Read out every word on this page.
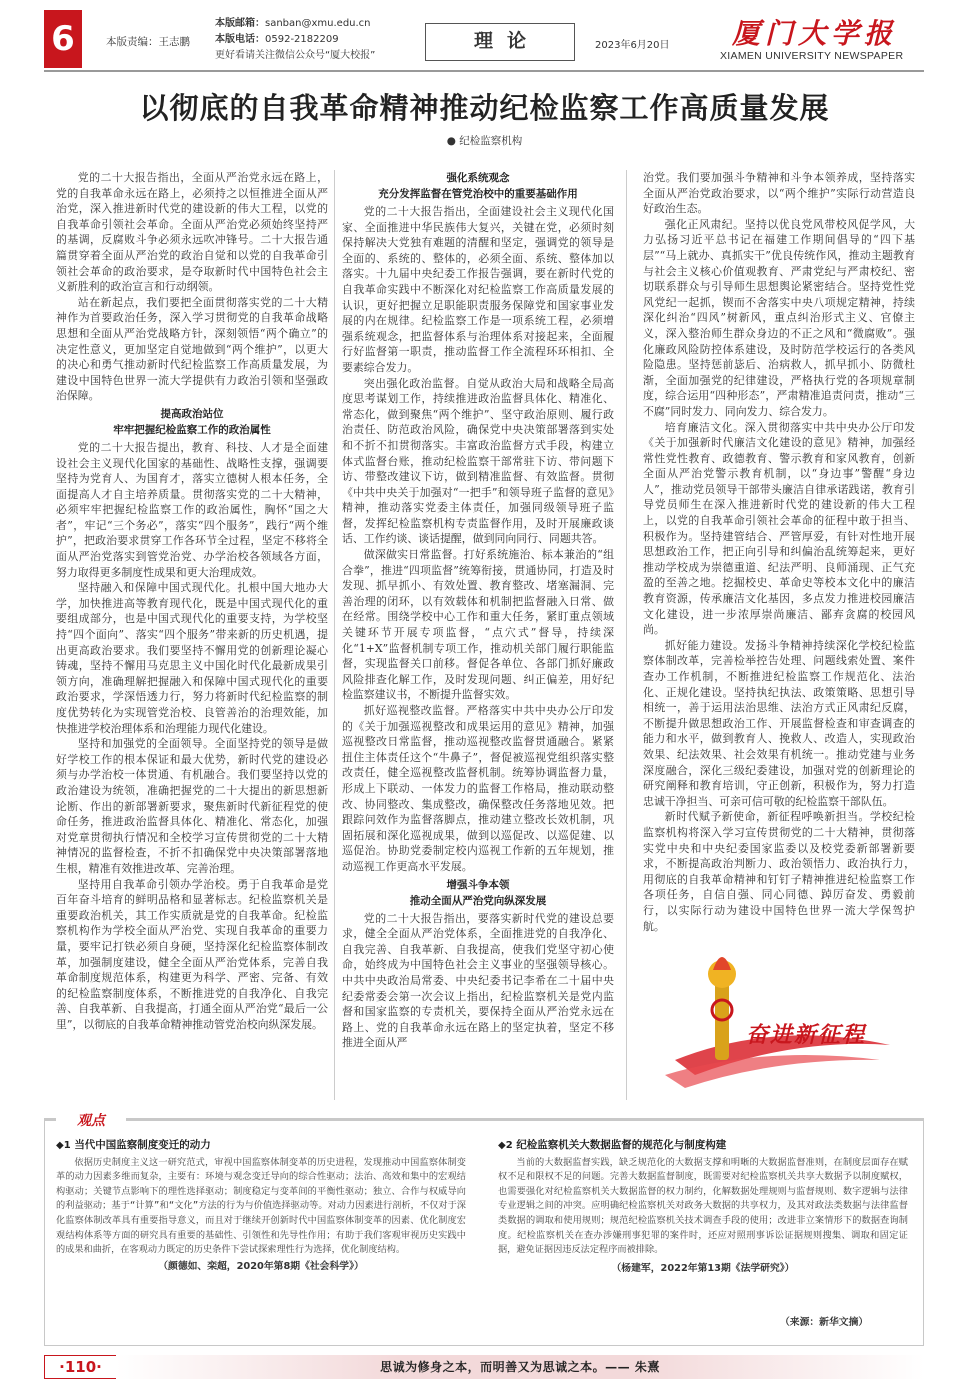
6	本版责编：王志鹏
本版邮箱：sanban@xmu.edu.cn
本版电话：0592-2182209
更好看请关注微信公众号“厦大校报”
理论	2023年6月20日 厦门大学报
XIAMEN UNIVERSITY NEWSPAPER
以彻底的自我革命精神推动纪检监察工作高质量发展
● 纪检监察机构

党的二十大报告指出，全面从严治党永远在路上，党的自我革命永远在路上，必须持之以恒推进全面从严治党，深入推进新时代党的建设新的伟大工程，以党的自我革命引领社会革命。全面从严治党必须始终坚持严的基调，反腐败斗争必须永远吹冲锋号。二十大报告通篇贯穿着全面从严治党的政治自觉和以党的自我革命引领社会革命的政治要求，是夺取新时代中国特色社会主义新胜利的政治宣言和行动纲领。

站在新起点，我们要把全面贯彻落实党的二十大精神作为首要政治任务，深入学习贯彻党的自我革命战略思想和全面从严治党战略方针，深刻领悟“两个确立”的决定性意义，更加坚定自觉地做到“两个维护”，以更大的决心和勇气推动新时代纪检监察工作高质量发展，为建设中国特色世界一流大学提供有力政治引领和坚强政治保障。

提高政治站位
牢牢把握纪检监察工作的政治属性

党的二十大报告提出，教育、科技、人才是全面建设社会主义现代化国家的基础性、战略性支撑，强调要坚持为党育人、为国育才，落实立德树人根本任务，全面提高人才自主培养质量。贯彻落实党的二十大精神，必须牢牢把握纪检监察工作的政治属性，胸怀“国之大者”，牢记“三个务必”，落实“四个服务”，践行“两个维护”，把政治要求贯穿工作各环节全过程，坚定不移将全面从严治党落实到管党治党、办学治校各领域各方面，努力取得更多制度性成果和更大治理成效。

坚持融入和保障中国式现代化。扎根中国大地办大学，加快推进高等教育现代化，既是中国式现代化的重要组成部分，也是中国式现代化的重要支持，为学校坚持“四个面向”、落实“四个服务”带来新的历史机遇，提出更高政治要求。我们要坚持不懈用党的创新理论凝心铸魂，坚持不懈用马克思主义中国化时代化最新成果引领方向，准确理解把握融入和保障中国式现代化的重要政治要求，学深悟透力行，努力将新时代纪检监察的制度优势转化为实现管党治校、良管善治的治理效能，加快推进学校治理体系和治理能力现代化建设。

坚持和加强党的全面领导。全面坚持党的领导是做好学校工作的根本保证和最大优势，新时代党的建设必须与办学治校一体贯通、有机融合。我们要坚持以党的政治建设为统领，准确把握党的二十大提出的新思想新论断、作出的新部署新要求，聚焦新时代新征程党的使命任务，推进政治监督具体化、精准化、常态化，加强对党章贯彻执行情况和全校学习宣传贯彻党的二十大精神情况的监督检查，不折不扣确保党中央决策部署落地生根，精准有效推进改革、完善治理。

坚持用自我革命引领办学治校。勇于自我革命是党百年奋斗培育的鲜明品格和显著标志。纪检监察机关是重要政治机关，其工作实质就是党的自我革命。纪检监察机构作为学校全面从严治党、实现自我革命的重要力量，要牢记打铁必须自身硬，坚持深化纪检监察体制改革，加强制度建设，健全全面从严治党体系，完善自我革命制度规范体系，构建更为科学、严密、完备、有效的纪检监察制度体系，不断推进党的自我净化、自我完善、自我革新、自我提高，打通全面从严治党“最后一公里”，以彻底的自我革命精神推动管党治校向纵深发展。

强化系统观念
充分发挥监督在管党治校中的重要基础作用

党的二十大报告指出，全面建设社会主义现代化国家、全面推进中华民族伟大复兴，关键在党，必须时刻保持解决大党独有难题的清醒和坚定，强调党的领导是全面的、系统的、整体的，必须全面、系统、整体加以落实。十九届中央纪委工作报告强调，要在新时代党的自我革命实践中不断深化对纪检监察工作高质量发展的认识，更好把握立足职能职责服务保障党和国家事业发展的内在规律。纪检监察工作是一项系统工程，必须增强系统观念，把监督体系与治理体系对接起来，全面履行好监督第一职责，推动监督工作全流程环环相扣、全要素综合发力。

突出强化政治监督。自觉从政治大局和战略全局高度思考谋划工作，持续推进政治监督具体化、精准化、常态化，做到聚焦“两个维护”、坚守政治原则、履行政治责任、防范政治风险，确保党中央决策部署落到实处和不折不扣贯彻落实。丰富政治监督方式手段，构建立体式监督台账，推动纪检监察干部常驻下访、带问题下访、带整改建议下访，做到精准监督、有效监督。贯彻《中共中央关于加强对“一把手”和领导班子监督的意见》精神，推动落实党委主体责任，加强同级领导班子监督，发挥纪检监察机构专责监督作用，及时开展廉政谈话、工作约谈、谈话提醒，做到同向同行、同题共答。

做深做实日常监督。打好系统施治、标本兼治的“组合拳”，推进“四项监督”统筹衔接，贯通协同，打造及时发现、抓早抓小、有效处置、教育整改、堵塞漏洞、完善治理的闭环，以有效载体和机制把监督融入日常、做在经常。围绕学校中心工作和重大任务，紧盯重点领域关键环节开展专项监督，“点穴式”督导，持续深化“1+X”监督机制专项工作，推动机关部门履行职能监督，实现监督关口前移。督促各单位、各部门抓好廉政风险排查化解工作，及时发现问题、纠正偏差，用好纪检监察建议书，不断提升监督实效。

抓好巡视整改监督。严格落实中共中央办公厅印发的《关于加强巡视整改和成果运用的意见》精神，加强巡视整改日常监督，推动巡视整改监督贯通融合。紧紧扭住主体责任这个“牛鼻子”，督促被巡视党组织落实整改责任，健全巡视整改监督机制。统筹协调监督力量，形成上下联动、一体发力的监督工作格局，推动联动整改、协同整改、集成整改，确保整改任务落地见效。把跟踪问效作为监督落脚点，推动建立整改长效机制，巩固拓展和深化巡视成果，做到以巡促改、以巡促建、以巡促治。协助党委制定校内巡视工作新的五年规划，推动巡视工作更高水平发展。

增强斗争本领
推动全面从严治党向纵深发展

党的二十大报告指出，要落实新时代党的建设总要求，健全全面从严治党体系，全面推进党的自我净化、自我完善、自我革新、自我提高，使我们党坚守初心使命，始终成为中国特色社会主义事业的坚强领导核心。中共中央政治局常委、中央纪委书记李希在二十届中央纪委常委会第一次会议上指出，纪检监察机关是党内监督和国家监察的专责机关，要保持全面从严治党永远在路上、党的自我革命永远在路上的坚定执着，坚定不移推进全面从严

治党。我们要加强斗争精神和斗争本领养成，坚持落实全面从严治党政治要求，以“两个维护”实际行动营造良好政治生态。

强化正风肃纪。坚持以优良党风带校风促学风，大力弘扬习近平总书记在福建工作期间倡导的“四下基层”“马上就办、真抓实干”优良传统作风，推动主题教育与社会主义核心价值观教育、严肃党纪与严肃校纪、密切联系群众与引导师生思想舆论紧密结合。坚持党性党风党纪一起抓，锲而不舍落实中央八项规定精神，持续深化纠治“四风”树新风，重点纠治形式主义、官僚主义，深入整治师生群众身边的不正之风和“微腐败”。强化廉政风险防控体系建设，及时防范学校运行的各类风险隐患。坚持惩前毖后、治病救人，抓早抓小、防微杜渐，全面加强党的纪律建设，严格执行党的各项规章制度，综合运用“四种形态”，严肃精准追责问责，推动“三不腐”同时发力、同向发力、综合发力。

培育廉洁文化。深入贯彻落实中共中央办公厅印发《关于加强新时代廉洁文化建设的意见》精神，加强经常性党性教育、政德教育、警示教育和家风教育，创新全面从严治党警示教育机制，以“身边事”警醒“身边人”，推动党员领导干部带头廉洁自律承诺践诺，教育引导党员师生在深入推进新时代党的建设新的伟大工程上，以党的自我革命引领社会革命的征程中敢于担当、积极作为。坚持建管结合、严管厚爱，有针对性地开展思想政治工作，把正向引导和纠偏治乱统筹起来，更好推动学校成为崇德重道、纪法严明、良师涌现、正气充盈的至善之地。挖掘校史、革命史等校本文化中的廉洁教育资源，传承廉洁文化基因，多点发力推进校园廉洁文化建设，进一步浓厚崇尚廉洁、鄙弃贪腐的校园风尚。

抓好能力建设。发扬斗争精神持续深化学校纪检监察体制改革，完善检举控告处理、问题线索处置、案件查办工作机制，不断推进纪检监察工作规范化、法治化、正规化建设。坚持执纪执法、政策策略、思想引导相统一，善于运用法治思维、法治方式正风肃纪反腐，不断提升做思想政治工作、开展监督检查和审查调查的能力和水平，做到教育人、挽救人、改造人，实现政治效果、纪法效果、社会效果有机统一。推动党建与业务深度融合，深化三级纪委建设，加强对党的创新理论的研究阐释和教育培训，守正创新，积极作为，努力打造忠诚干净担当、可亲可信可敬的纪检监察干部队伍。

新时代赋予新使命，新征程呼唤新担当。学校纪检监察机构将深入学习宣传贯彻党的二十大精神，贯彻落实党中央和中央纪委国家监委以及校党委新部署新要求，不断提高政治判断力、政治领悟力、政治执行力，用彻底的自我革命精神和钉钉子精神推进纪检监察工作各项任务，自信自强、同心同德、踔厉奋发、勇毅前行，以实际行动为建设中国特色世界一流大学保驾护航。

奋进新征程
观点
◆1 当代中国监察制度变迁的动力

依据历史制度主义这一研究范式，审视中国监察体制变革的历史进程，发现推动中国监察体制变革的动力因素多维而复杂，主要有：环境与观念变迁导向的综合性驱动；法治、高效和集中的宏观结构驱动；关键节点影响下的理性选择驱动；制度稳定与变革间的平衡性驱动；独立、合作与权威导向的利益驱动；基于“计算”和“文化”方法的行为与价值选择驱动等。对动力因素进行剖析，不仅对于深化监察体制改革具有重要指导意义，而且对于继续开创新时代中国监察体制变革的因素、优化制度宏观结构体系等方面的研究具有重要的基础性、引领性和先导性作用；有助于我们客观审视历史实践中的成果和曲折，在客观动力既定的历史条件下尝试探索理性行为选择，优化制度结构。

（颜德如、栾超，2020年第8期《社会科学》）

◆2 纪检监察机关大数据监督的规范化与制度构建

当前的大数据监督实践，缺乏规范化的大数据支撑和明晰的大数据监督准则，在制度层面存在赋权不足和限权不足的问题。完善大数据监督制度，既需要对纪检监察机关共享大数据予以制度赋权，也需要强化对纪检监察机关大数据监督的权力制约，化解数据处理规则与监督规则、数字逻辑与法律专业逻辑之间的冲突。应明确纪检监察机关对政务大数据的共享权力，及其对政法类数据与法律监督类数据的调取和使用规则；规范纪检监察机关技术调查手段的使用；改进非立案情形下的数据查询制度。纪检监察机关在查办涉嫌刑事犯罪的案件时，还应对照刑事诉讼证据规则搜集、调取和固定证据，避免证据因违反法定程序而被排除。

（杨建军，2022年第13期《法学研究》）

（来源：新华文摘）
·110·	思诚为修身之本，而明善又为思诚之本。—— 朱熹
